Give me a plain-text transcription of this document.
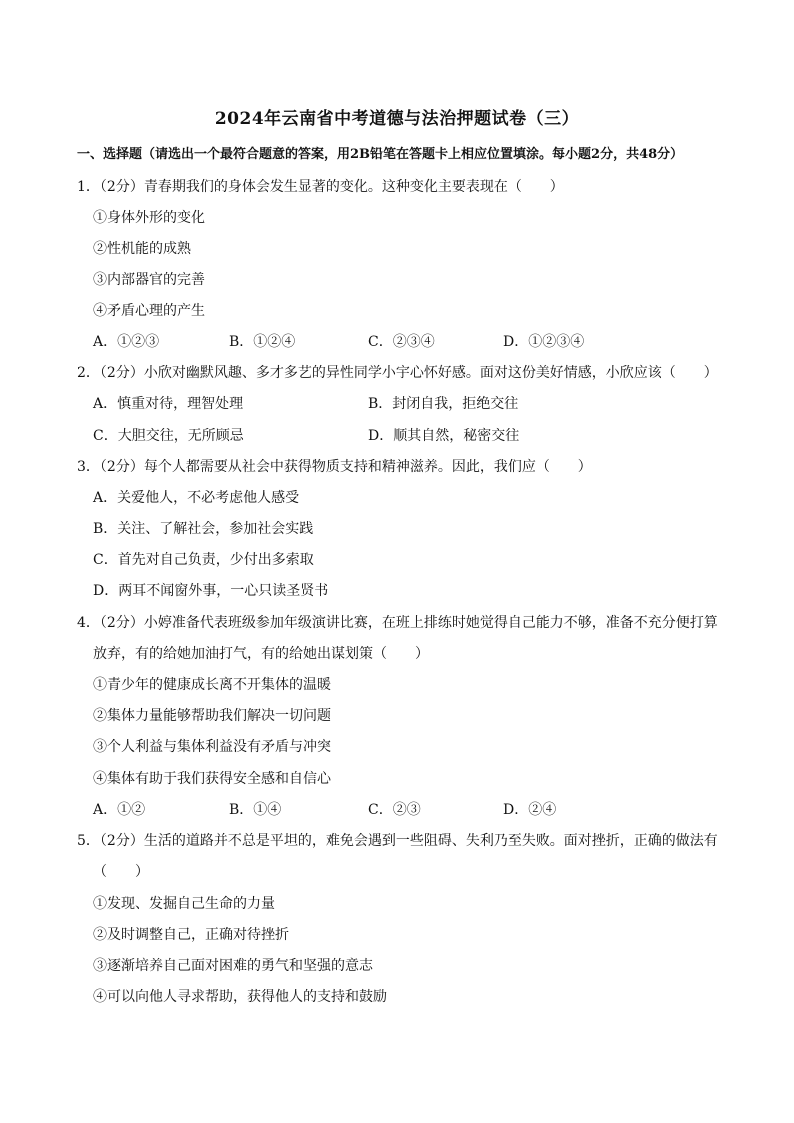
2024年云南省中考道德与法治押题试卷（三）
一、选择题（请选出一个最符合题意的答案，用2B铅笔在答题卡上相应位置填涂。每小题2分，共48分）
1．（2分）青春期我们的身体会发生显著的变化。这种变化主要表现在（　　）
①身体外形的变化
②性机能的成熟
③内部器官的完善
④矛盾心理的产生
A．①②③	B．①②④	C．②③④	D．①②③④
2．（2分）小欣对幽默风趣、多才多艺的异性同学小宇心怀好感。面对这份美好情感，小欣应该（　　）
A．慎重对待，理智处理	B．封闭自我，拒绝交往
C．大胆交往，无所顾忌	D．顺其自然，秘密交往
3．（2分）每个人都需要从社会中获得物质支持和精神滋养。因此，我们应（　　）
A．关爱他人，不必考虑他人感受
B．关注、了解社会，参加社会实践
C．首先对自己负责，少付出多索取
D．两耳不闻窗外事，一心只读圣贤书
4．（2分）小婷准备代表班级参加年级演讲比赛，在班上排练时她觉得自己能力不够，准备不充分便打算
放弃，有的给她加油打气，有的给她出谋划策（　　）
①青少年的健康成长离不开集体的温暖
②集体力量能够帮助我们解决一切问题
③个人利益与集体利益没有矛盾与冲突
④集体有助于我们获得安全感和自信心
A．①②	B．①④	C．②③	D．②④
5．（2分）生活的道路并不总是平坦的，难免会遇到一些阻碍、失利乃至失败。面对挫折，正确的做法有
（　　）
①发现、发掘自己生命的力量
②及时调整自己，正确对待挫折
③逐渐培养自己面对困难的勇气和坚强的意志
④可以向他人寻求帮助，获得他人的支持和鼓励
